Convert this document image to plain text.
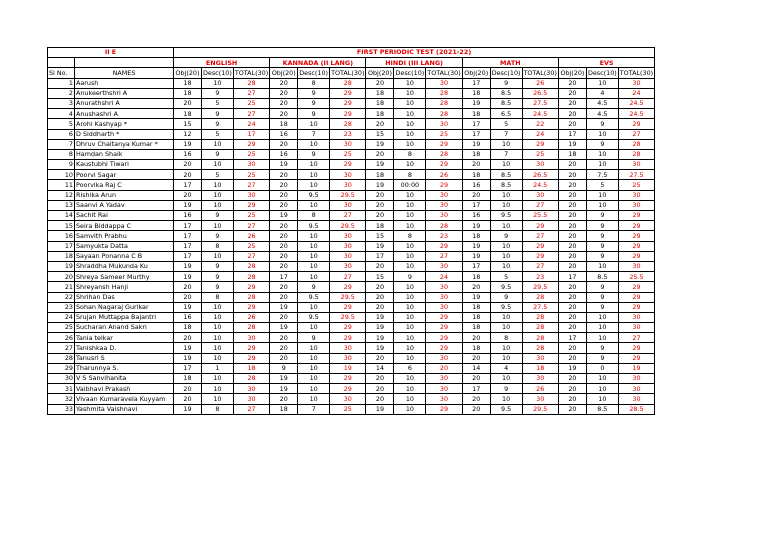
II E		FIRST PERIODIC TEST (2021-22)														
		ENGLISH			KANNADA (II LANG)			HINDI (III LANG)			MATH			EVS		
Sl No.	NAMES	Obj(20)	Desc(10)	TOTAL(30)	Obj(20)	Desc(10)	TOTAL(30)	Obj(20)	Desc(10)	TOTAL(30)	Obj(20)	Desc(10)	TOTAL(30)	Obj(20)	Desc(10)	TOTAL(30)
1	Aarush	18	10	28	20	8	28	20	10	30	17	9	26	20	10	30
2	Anukeerthshri A	18	9	27	20	9	29	18	10	28	18	8.5	26.5	20	4	24
3	Anurathshri A	20	5	25	20	9	29	18	10	28	19	8.5	27.5	20	4.5	24.5
4	Anushashri A	18	9	27	20	9	29	18	10	28	18	6.5	24.5	20	4.5	24.5
5	Arohi Kashyap *	15	9	24	18	10	28	20	10	30	17	5	22	20	9	29
6	D Siddharth *	12	5	17	16	7	23	15	10	25	17	7	24	17	10	27
7	Dhruv Chaitanya Kumar *	19	10	29	20	10	30	19	10	29	19	10	29	19	9	28
8	Hamdan Shaik	16	9	25	16	9	25	20	8	28	18	7	25	18	10	28
9	Kaustubhi Tiwari	20	10	30	19	10	29	19	10	29	20	10	30	20	10	30
10	Poorvi Sagar	20	5	25	20	10	30	18	8	26	18	8.5	26.5	20	7.5	27.5
11	Poorvika Raj C	17	10	27	20	10	30	19	00:00	29	16	8.5	24.5	20	5	25
12	Rishika Arun	20	10	30	20	9.5	29.5	20	10	30	20	10	30	20	10	30
13	Saanvi A Yadav	19	10	29	20	10	30	20	10	30	17	10	27	20	10	30
14	Sachit Rai	16	9	25	19	8	27	20	10	30	16	9.5	25.5	20	9	29
15	Seira Biddappa C	17	10	27	20	9.5	29.5	18	10	28	19	10	29	20	9	29
16	Samvith Prabhu	17	9	26	20	10	30	15	8	23	18	9	27	20	9	29
17	Samyukta Datta	17	8	25	20	10	30	19	10	29	19	10	29	20	9	29
18	Sayaan Ponanna C B	17	10	27	20	10	30	17	10	27	19	10	29	20	9	29
19	Shraddha Mukunda Ku	19	9	28	20	10	30	20	10	30	17	10	27	20	10	30
20	Shreya Sameer Murthy	19	9	28	17	10	27	15	9	24	18	5	23	17	8.5	25.5
21	Shreyansh Hanji	20	9	29	20	9	29	20	10	30	20	9.5	29.5	20	9	29
22	Shrihan Das	20	8	28	20	9.5	29.5	20	10	30	19	9	28	20	9	29
23	Sohan Nagaraj Gurikar	19	10	29	19	10	29	20	10	30	18	9.5	27.5	20	9	29
24	Srujan Muttappa Bajantri	16	10	26	20	9.5	29.5	19	10	29	18	10	28	20	10	30
25	Sucharan Anand Sakri	18	10	28	19	10	29	19	10	29	18	10	28	20	10	30
26	Tania telkar	20	10	30	20	9	29	19	10	29	20	8	28	17	10	27
27	Tanishkaa D.	19	10	29	20	10	30	19	10	29	18	10	28	20	9	29
28	Tanusri S	19	10	29	20	10	30	20	10	30	20	10	30	20	9	29
29	Tharunnya S.	17	1	18	9	10	19	14	6	20	14	4	18	19	0	19
30	V S Sanvihanita	18	10	28	19	10	29	20	10	30	20	10	30	20	10	30
31	Vaibhavi Prakash	20	10	30	19	10	29	20	10	30	17	9	26	20	10	30
32	Vivaan Kumaravela Kuyyam	20	10	30	20	10	30	20	10	30	20	10	30	20	10	30
33	Yashmita Vaishnavi	19	8	27	18	7	25	19	10	29	20	9.5	29.5	20	8.5	28.5
